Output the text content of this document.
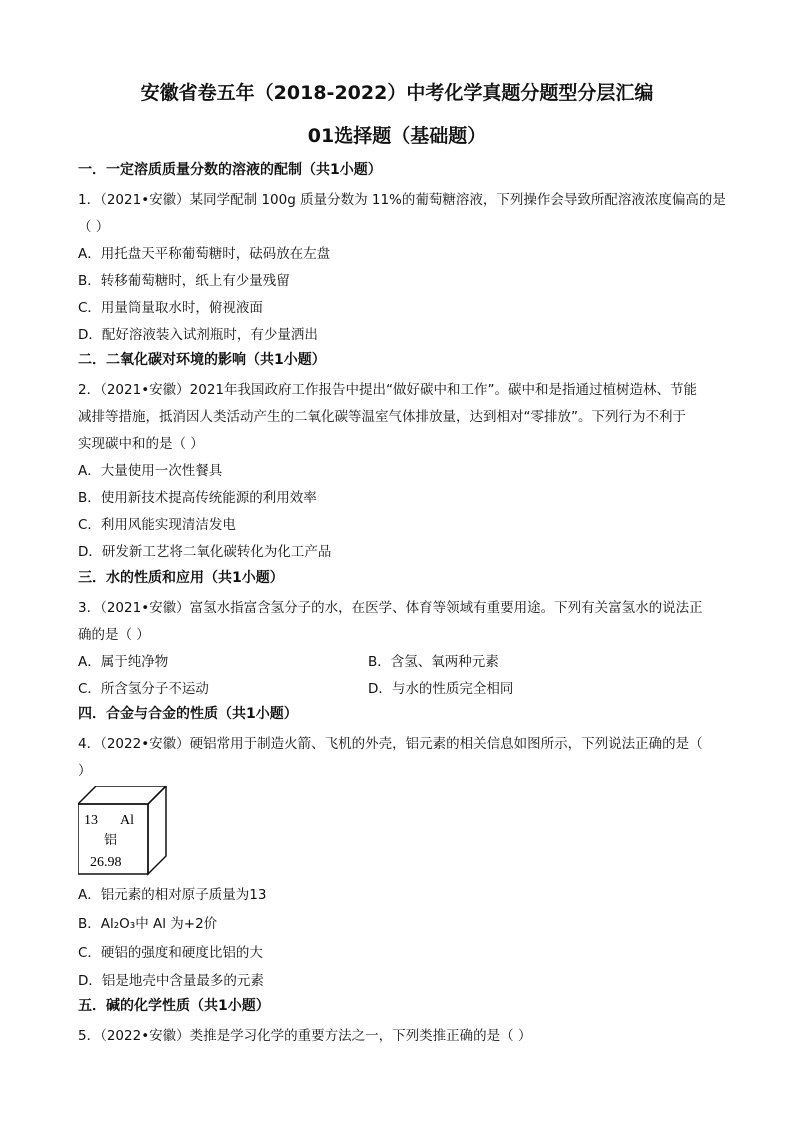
安徽省卷五年（2018-2022）中考化学真题分题型分层汇编
01选择题（基础题）
一．一定溶质质量分数的溶液的配制（共1小题）
1．（2021•安徽）某同学配制 100g 质量分数为 11%的葡萄糖溶液，下列操作会导致所配溶液浓度偏高的是
（ ）
A．用托盘天平称葡萄糖时，砝码放在左盘
B．转移葡萄糖时，纸上有少量残留
C．用量筒量取水时，俯视液面
D．配好溶液装入试剂瓶时，有少量洒出
二．二氧化碳对环境的影响（共1小题）
2．（2021•安徽）2021年我国政府工作报告中提出“做好碳中和工作”。碳中和是指通过植树造林、节能
减排等措施，抵消因人类活动产生的二氧化碳等温室气体排放量，达到相对“零排放”。下列行为不利于
实现碳中和的是（ ）
A．大量使用一次性餐具
B．使用新技术提高传统能源的利用效率
C．利用风能实现清洁发电
D．研发新工艺将二氧化碳转化为化工产品
三．水的性质和应用（共1小题）
3．（2021•安徽）富氢水指富含氢分子的水，在医学、体育等领域有重要用途。下列有关富氢水的说法正
确的是（ ）
A．属于纯净物	B．含氢、氧两种元素
C．所含氢分子不运动	D．与水的性质完全相同
四．合金与合金的性质（共1小题）
4．（2022•安徽）硬铝常用于制造火箭、飞机的外壳，铝元素的相关信息如图所示，下列说法正确的是（
）
13 Al
铝
26.98
A．铝元素的相对原子质量为13
B．Al₂O₃中 Al 为+2价
C．硬铝的强度和硬度比铝的大
D．铝是地壳中含量最多的元素
五．碱的化学性质（共1小题）
5．（2022•安徽）类推是学习化学的重要方法之一，下列类推正确的是（ ）
